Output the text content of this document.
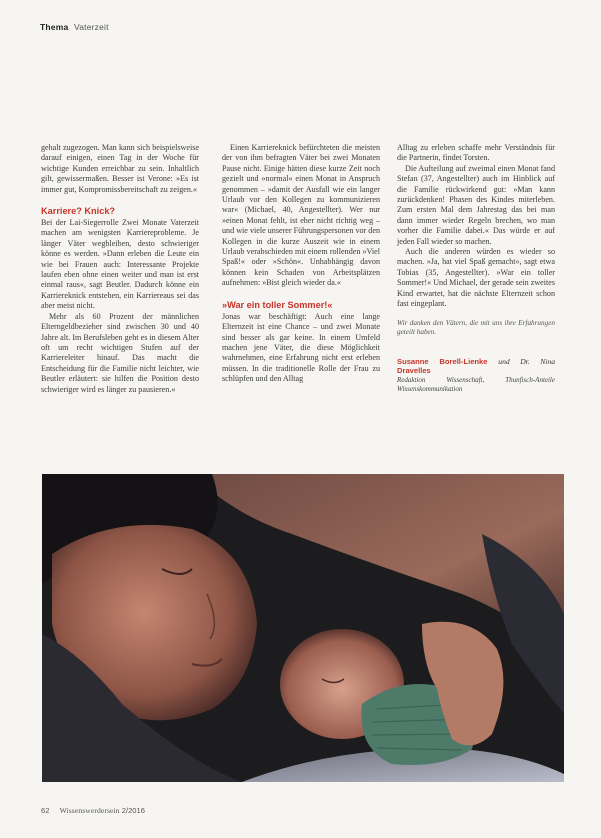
Thema Vaterzeit

gehalt zugezogen. Man kann sich beispielsweise darauf einigen, einen Tag in der Woche für wichtige Kunden erreichbar zu sein. Inhaltlich gilt, gewissermaßen. Besser ist Verone: »Es ist immer gut, Kompromissbereitschaft zu zeigen.«

Karriere? Knick?

Bei der Lai-Siegerrolle Zwei Monate Vaterzeit machen am wenigsten Karriereprobleme. Je länger Väter wegbleiben, desto schwieriger könne es werden. »Dann erleben die Leute ein wie bei Frauen auch: Interessante Projekte laufen eben ohne einen weiter und man ist erst einmal raus«, sagt Beutler. Dadurch könne ein Karriereknick entstehen, ein Karriereaus sei das aber meist nicht.

Mehr als 60 Prozent der männlichen Elterngeldbezieher sind zwischen 30 und 40 Jahre alt. Im Berufsleben geht es in diesem Alter oft um recht wichtigen Stufen auf der Karriereleiter hinauf. Das macht die Entscheidung für die Familie nicht leichter, wie Beutler erläutert: sie hilfen die Position desto schwieriger wird es länger zu pausieren.«

Einen Karriereknick befürchteten die meisten der von ihm befragten Väter bei zwei Monaten Pause nicht. Einige hätten diese kurze Zeit noch gezielt und »normal« einen Monat in Anspruch genommen – »damit der Ausfall wie ein langer Urlaub vor den Kollegen zu kommunizieren war« (Michael, 40, Angestellter). Wer nur »einen Monat fehlt, ist eher nicht richtig weg – und wie viele unserer Führungspersonen vor den Kollegen in die kurze Auszeit wie in einem Urlaub verabschieden mit einem rollenden »Viel Spaß!« oder »Schön«. Unhabhängig davon können kein Schaden von Arbeitsplätzen aufnehmen: »Bist gleich wieder da.«

»War ein toller Sommer!«

Jonas war beschäftigt: Auch eine lange Elternzeit ist eine Chance – und zwei Monate sind besser als gar keine. In einem Umfeld machen jene Väter, die diese Möglichkeit wahrnehmen, eine Erfahrung nicht erst erleben müssen. In die traditionelle Rolle der Frau zu schlüpfen und den Alltag

Alltag zu erleben schaffe mehr Verständnis für die Partnerin, findet Torsten.

Die Aufteilung auf zweimal einen Monat fand Stefan (37, Angestellter) auch im Hinblick auf die Familie rückwirkend gut: »Man kann zurückdenken! Phasen des Kindes miterleben. Zum ersten Mal dem Jahrestag das bei man dann immer wieder Regeln brechen, wo man vorher die Familie dabei.« Das würde er auf jeden Fall wieder so machen.

Auch die anderen würden es wieder so machen. »Ja, hat viel Spaß gemacht«, sagt etwa Tobias (35, Angestellter). »War ein toller Sommer!« Und Michael, der gerade sein zweites Kind erwartet, hat die nächste Elternzeit schon fast eingeplant.

Wir danken den Vätern, die mit uns ihre Erfahrungen geteilt haben.

Susanne Borell-Lienke und Dr. Nina Dravelles

Redaktion Wissenschaft, Thunfisch-Anteile Wissenskommunikation

62 Wissenswerdersein 2/2016
